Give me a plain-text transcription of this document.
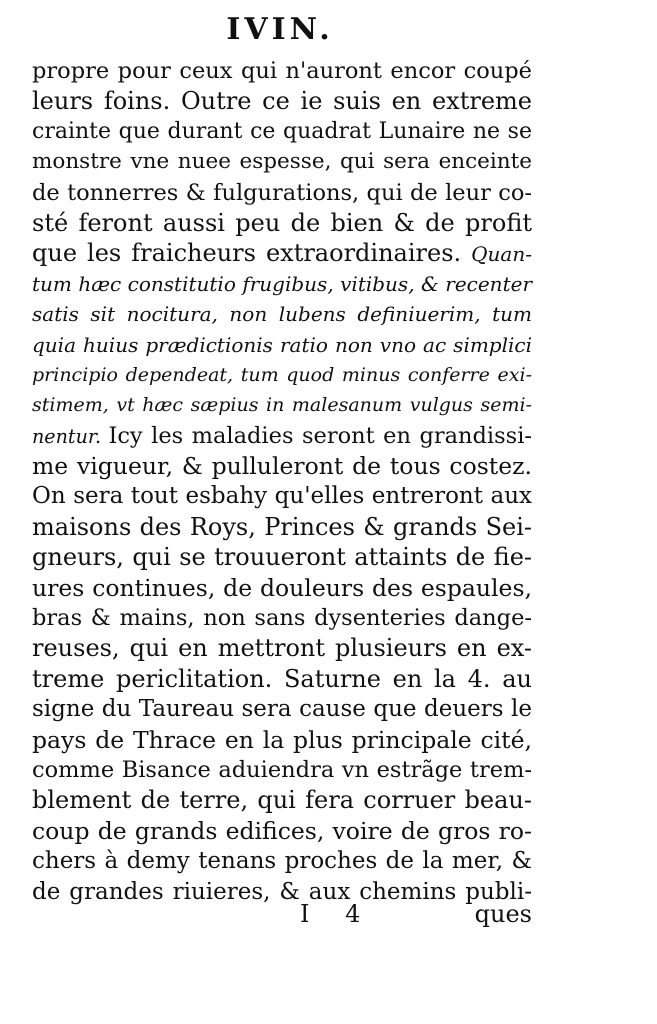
IVIN.
propre pour ceux qui n'auront encor coupé
leurs foins. Outre ce ie suis en extreme
crainte que durant ce quadrat Lunaire ne se
monstre vne nuee espesse, qui sera enceinte
de tonnerres & fulgurations, qui de leur co-
sté feront aussi peu de bien & de profit
que les fraicheurs extraordinaires. Quan-
tum hæc constitutio frugibus, vitibus, & recenter
satis sit nocitura, non lubens definiuerim, tum
quia huius prædictionis ratio non vno ac simplici
principio dependeat, tum quod minus conferre exi-
stimem, vt hæc sæpius in malesanum vulgus semi-
nentur. Icy les maladies seront en grandissi-
me vigueur, & pulluleront de tous costez.
On sera tout esbahy qu'elles entreront aux
maisons des Roys, Princes & grands Sei-
gneurs, qui se trouueront attaints de fie-
ures continues, de douleurs des espaules,
bras & mains, non sans dysenteries dange-
reuses, qui en mettront plusieurs en ex-
treme periclitation. Saturne en la 4. au
signe du Taureau sera cause que deuers le
pays de Thrace en la plus principale cité,
comme Bisance aduiendra vn estrãge trem-
blement de terre, qui fera corruer beau-
coup de grands edifices, voire de gros ro-
chers à demy tenans proches de la mer, &
de grandes riuieres, & aux chemins publi-
I 4	ques
